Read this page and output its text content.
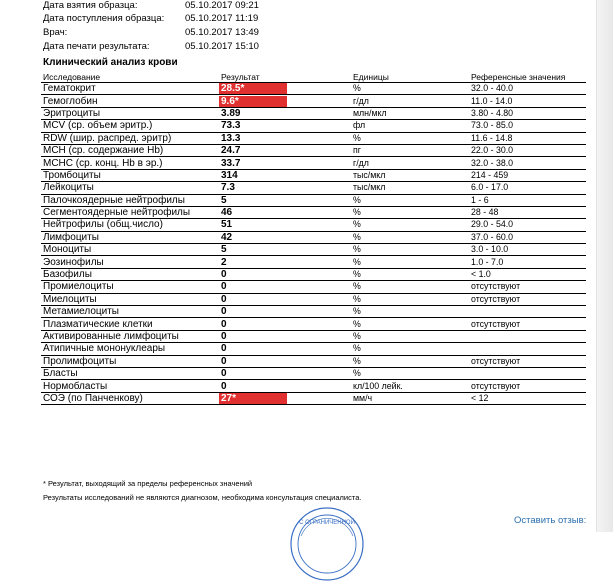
Дата взятия образца:	05.10.2017 09:21
Дата поступления образца: 05.10.2017 11:19
Врач:	05.10.2017 13:49
Дата печати результата:	05.10.2017 15:10
Клинический анализ крови
Исследование	Результат	Единицы	Референсные значения
Гематокрит	28.5*	%	32.0 - 40.0
Гемоглобин	9.6*	г/дл	11.0 - 14.0
Эритроциты	3.89	млн/мкл	3.80 - 4.80
MCV (ср. объем эритр.)	73.3	фл	73.0 - 85.0
RDW (шир. распред. эритр)	13.3	%	11.6 - 14.8
MCH (ср. содержание Hb)	24.7	пг	22.0 - 30.0
MCHC (ср. конц. Hb в эр.)	33.7	г/дл	32.0 - 38.0
Тромбоциты	314	тыс/мкл	214 - 459
Лейкоциты	7.3	тыс/мкл	6.0 - 17.0
Палочкоядерные нейтрофилы	5	%	1 - 6
Сегментоядерные нейтрофилы	46	%	28 - 48
Нейтрофилы (общ.число)	51	%	29.0 - 54.0
Лимфоциты	42	%	37.0 - 60.0
Моноциты	5	%	3.0 - 10.0
Эозинофилы	2	%	1.0 - 7.0
Базофилы	0	%	< 1.0
Промиелоциты	0	%	отсутствуют
Миелоциты	0	%	отсутствуют
Метамиелоциты	0	%	
Плазматические клетки	0	%	отсутствуют
Активированные лимфоциты	0	%	
Атипичные мононуклеары	0	%	
Пролимфоциты	0	%	отсутствуют
Бласты	0	%	
Нормобласты	0	кл/100 лейк.	отсутствуют
СОЭ (по Панченкову)	27*	мм/ч	< 12
* Результат, выходящий за пределы референсных значений
Результаты исследований не являются диагнозом, необходима консультация специалиста.
С ОГРАНИЧЕННОЙ	Оставить отзыв:
